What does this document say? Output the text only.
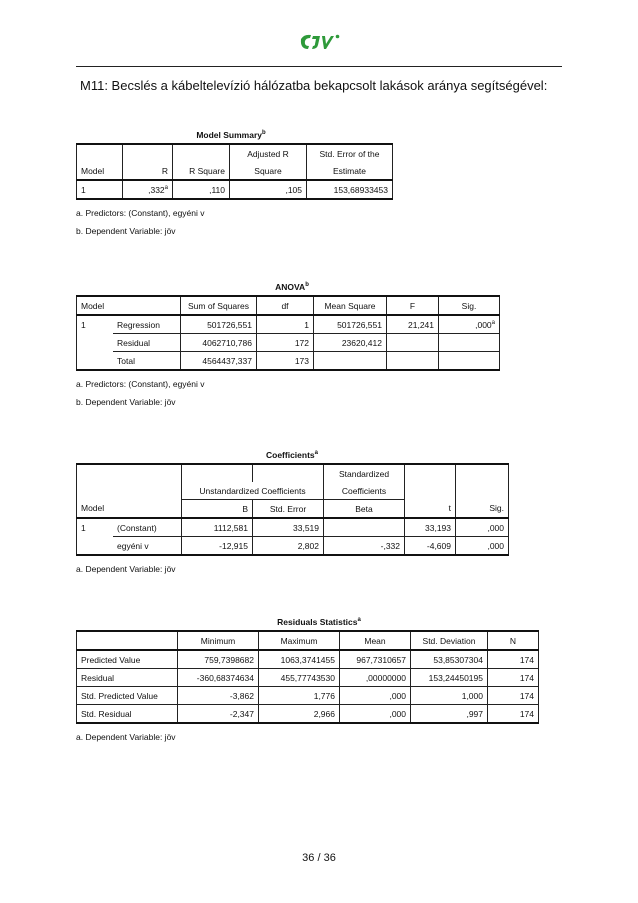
M11: Becslés a kábeltelevízió hálózatba bekapcsolt lakások aránya segítségével:
Model Summary$^b$
			Adjusted R	Std. Error of the
Model	R	R Square	Square	Estimate
1	,332$^a$	,110	,105	153,68933453
a. Predictors: (Constant), egyéni v
b. Dependent Variable: jöv
ANOVA$^b$
Model		Sum of Squares	df	Mean Square	F	Sig.
1	Regression	501726,551	1	501726,551	21,241	,000$^a$
	Residual	4062710,786	172	23620,412		
	Total	4564437,337	173			
a. Predictors: (Constant), egyéni v
b. Dependent Variable: jöv
Coefficients$^a$
				Standardized		
		Unstandardized Coefficients		Coefficients		
Model		B	Std. Error	Beta	t	Sig.
1	(Constant)	1112,581	33,519		33,193	,000
	egyéni v	-12,915	2,802	-,332	-4,609	,000
a. Dependent Variable: jöv
Residuals Statistics$^a$
	Minimum	Maximum	Mean	Std. Deviation	N
Predicted Value	759,7398682	1063,3741455	967,7310657	53,85307304	174
Residual	-360,68374634	455,77743530	,00000000	153,24450195	174
Std. Predicted Value	-3,862	1,776	,000	1,000	174
Std. Residual	-2,347	2,966	,000	,997	174
a. Dependent Variable: jöv
36 / 36
